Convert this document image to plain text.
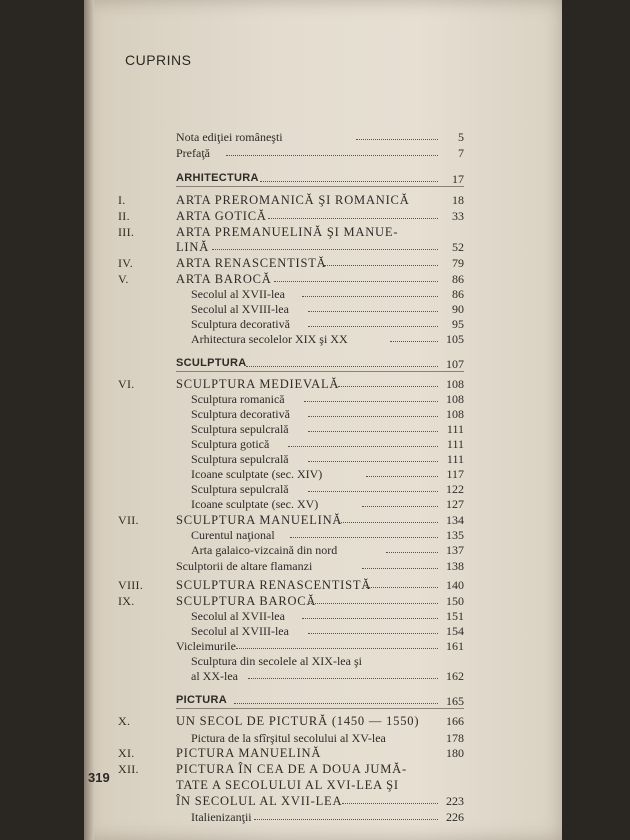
CUPRINS
Nota ediţiei româneşti	5
Prefaţă	7
ARHITECTURA	17
I.	ARTA PREROMANICĂ ŞI ROMANICĂ	18
II.	ARTA GOTICĂ	33
III.	ARTA PREMANUELINĂ ŞI MANUE-
LINĂ	52
IV.	ARTA RENASCENTISTĂ	79
V.	ARTA BAROCĂ	86
Secolul al XVII-lea	86
Secolul al XVIII-lea	90
Sculptura decorativă	95
Arhitectura secolelor XIX şi XX	105
SCULPTURA	107
VI.	SCULPTURA MEDIEVALĂ	108
Sculptura romanică	108
Sculptura decorativă	108
Sculptura sepulcrală	111
Sculptura gotică	111
Sculptura sepulcrală	111
Icoane sculptate (sec. XIV)	117
Sculptura sepulcrală	122
Icoane sculptate (sec. XV)	127
VII.	SCULPTURA MANUELINĂ	134
Curentul naţional	135
Arta galaico-vizcaină din nord	137
Sculptorii de altare flamanzi	138
VIII.	SCULPTURA RENASCENTISTĂ	140
IX.	SCULPTURA BAROCĂ	150
Secolul al XVII-lea	151
Secolul al XVIII-lea	154
Vicleimurile	161
Sculptura din secolele al XIX-lea şi
al XX-lea	162
PICTURA	165
X.	UN SECOL DE PICTURĂ (1450 — 1550) 166
Pictura de la sfîrşitul secolului al XV-lea	178
XI.	PICTURA MANUELINĂ	180
XII.	PICTURA ÎN CEA DE A DOUA JUMĂ-
TATE A SECOLULUI AL XVI-LEA ŞI
ÎN SECOLUL AL XVII-LEA	223
Italienizanţii	226
319
